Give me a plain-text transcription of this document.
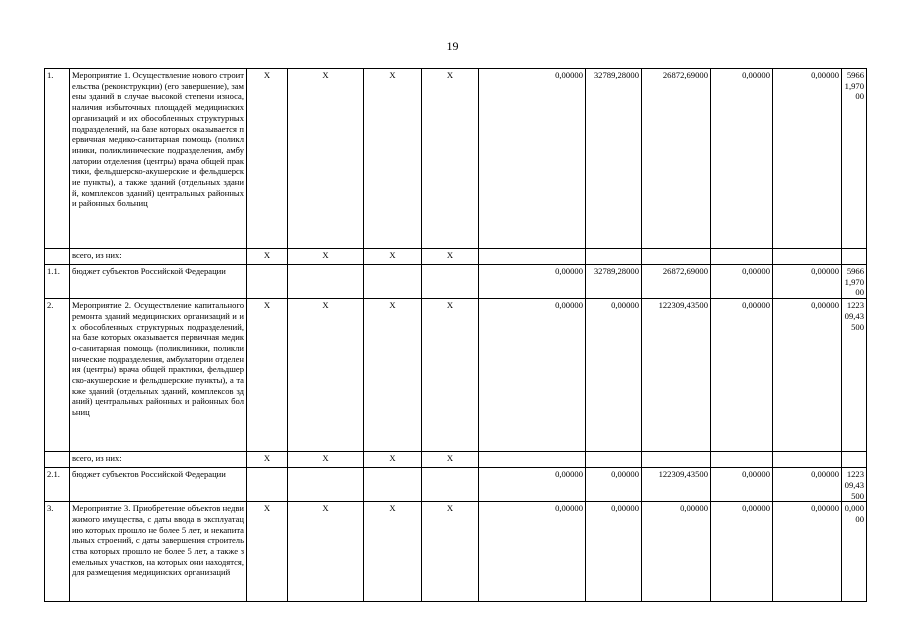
19
1.	Мероприятие 1. Осуществление нового строительства (реконструкции) (его завершение), замены зданий в случае высокой степени износа, наличия избыточных площадей медицинских организаций и их обособленных структурных подразделений, на базе которых оказывается первичная медико-санитарная помощь (поликлиники, поликлинические подразделения, амбулатории отделения (центры) врача общей практики, фельдшерско-акушерские и фельдшерские пункты), а также зданий (отдельных зданий, комплексов зданий) центральных районных и районных больниц	X	X	X	X	0,00000	32789,28000	26872,69000	0,00000	0,00000	59661,97000
	всего, из них:	X	X	X	X						
1.1.	бюджет субъектов Российской Федерации					0,00000	32789,28000	26872,69000	0,00000	0,00000	59661,97000
2.	Мероприятие 2. Осуществление капитального ремонта зданий медицинских организаций и их обособленных структурных подразделений, на базе которых оказывается первичная медико-санитарная помощь (поликлиники, поликлинические подразделения, амбулатории отделения (центры) врача общей практики, фельдшерско-акушерские и фельдшерские пункты), а также зданий (отдельных зданий, комплексов зданий) центральных районных и районных больниц	X	X	X	X	0,00000	0,00000	122309,43500	0,00000	0,00000	122309,43500
	всего, из них:	X	X	X	X						
2.1.	бюджет субъектов Российской Федерации					0,00000	0,00000	122309,43500	0,00000	0,00000	122309,43500
3.	Мероприятие 3. Приобретение объектов недвижимого имущества, с даты ввода в эксплуатацию которых прошло не более 5 лет, и некапитальных строений, с даты завершения строительства которых прошло не более 5 лет, а также земельных участков, на которых они находятся, для размещения медицинских организаций	X	X	X	X	0,00000	0,00000	0,00000	0,00000	0,00000	0,00000
